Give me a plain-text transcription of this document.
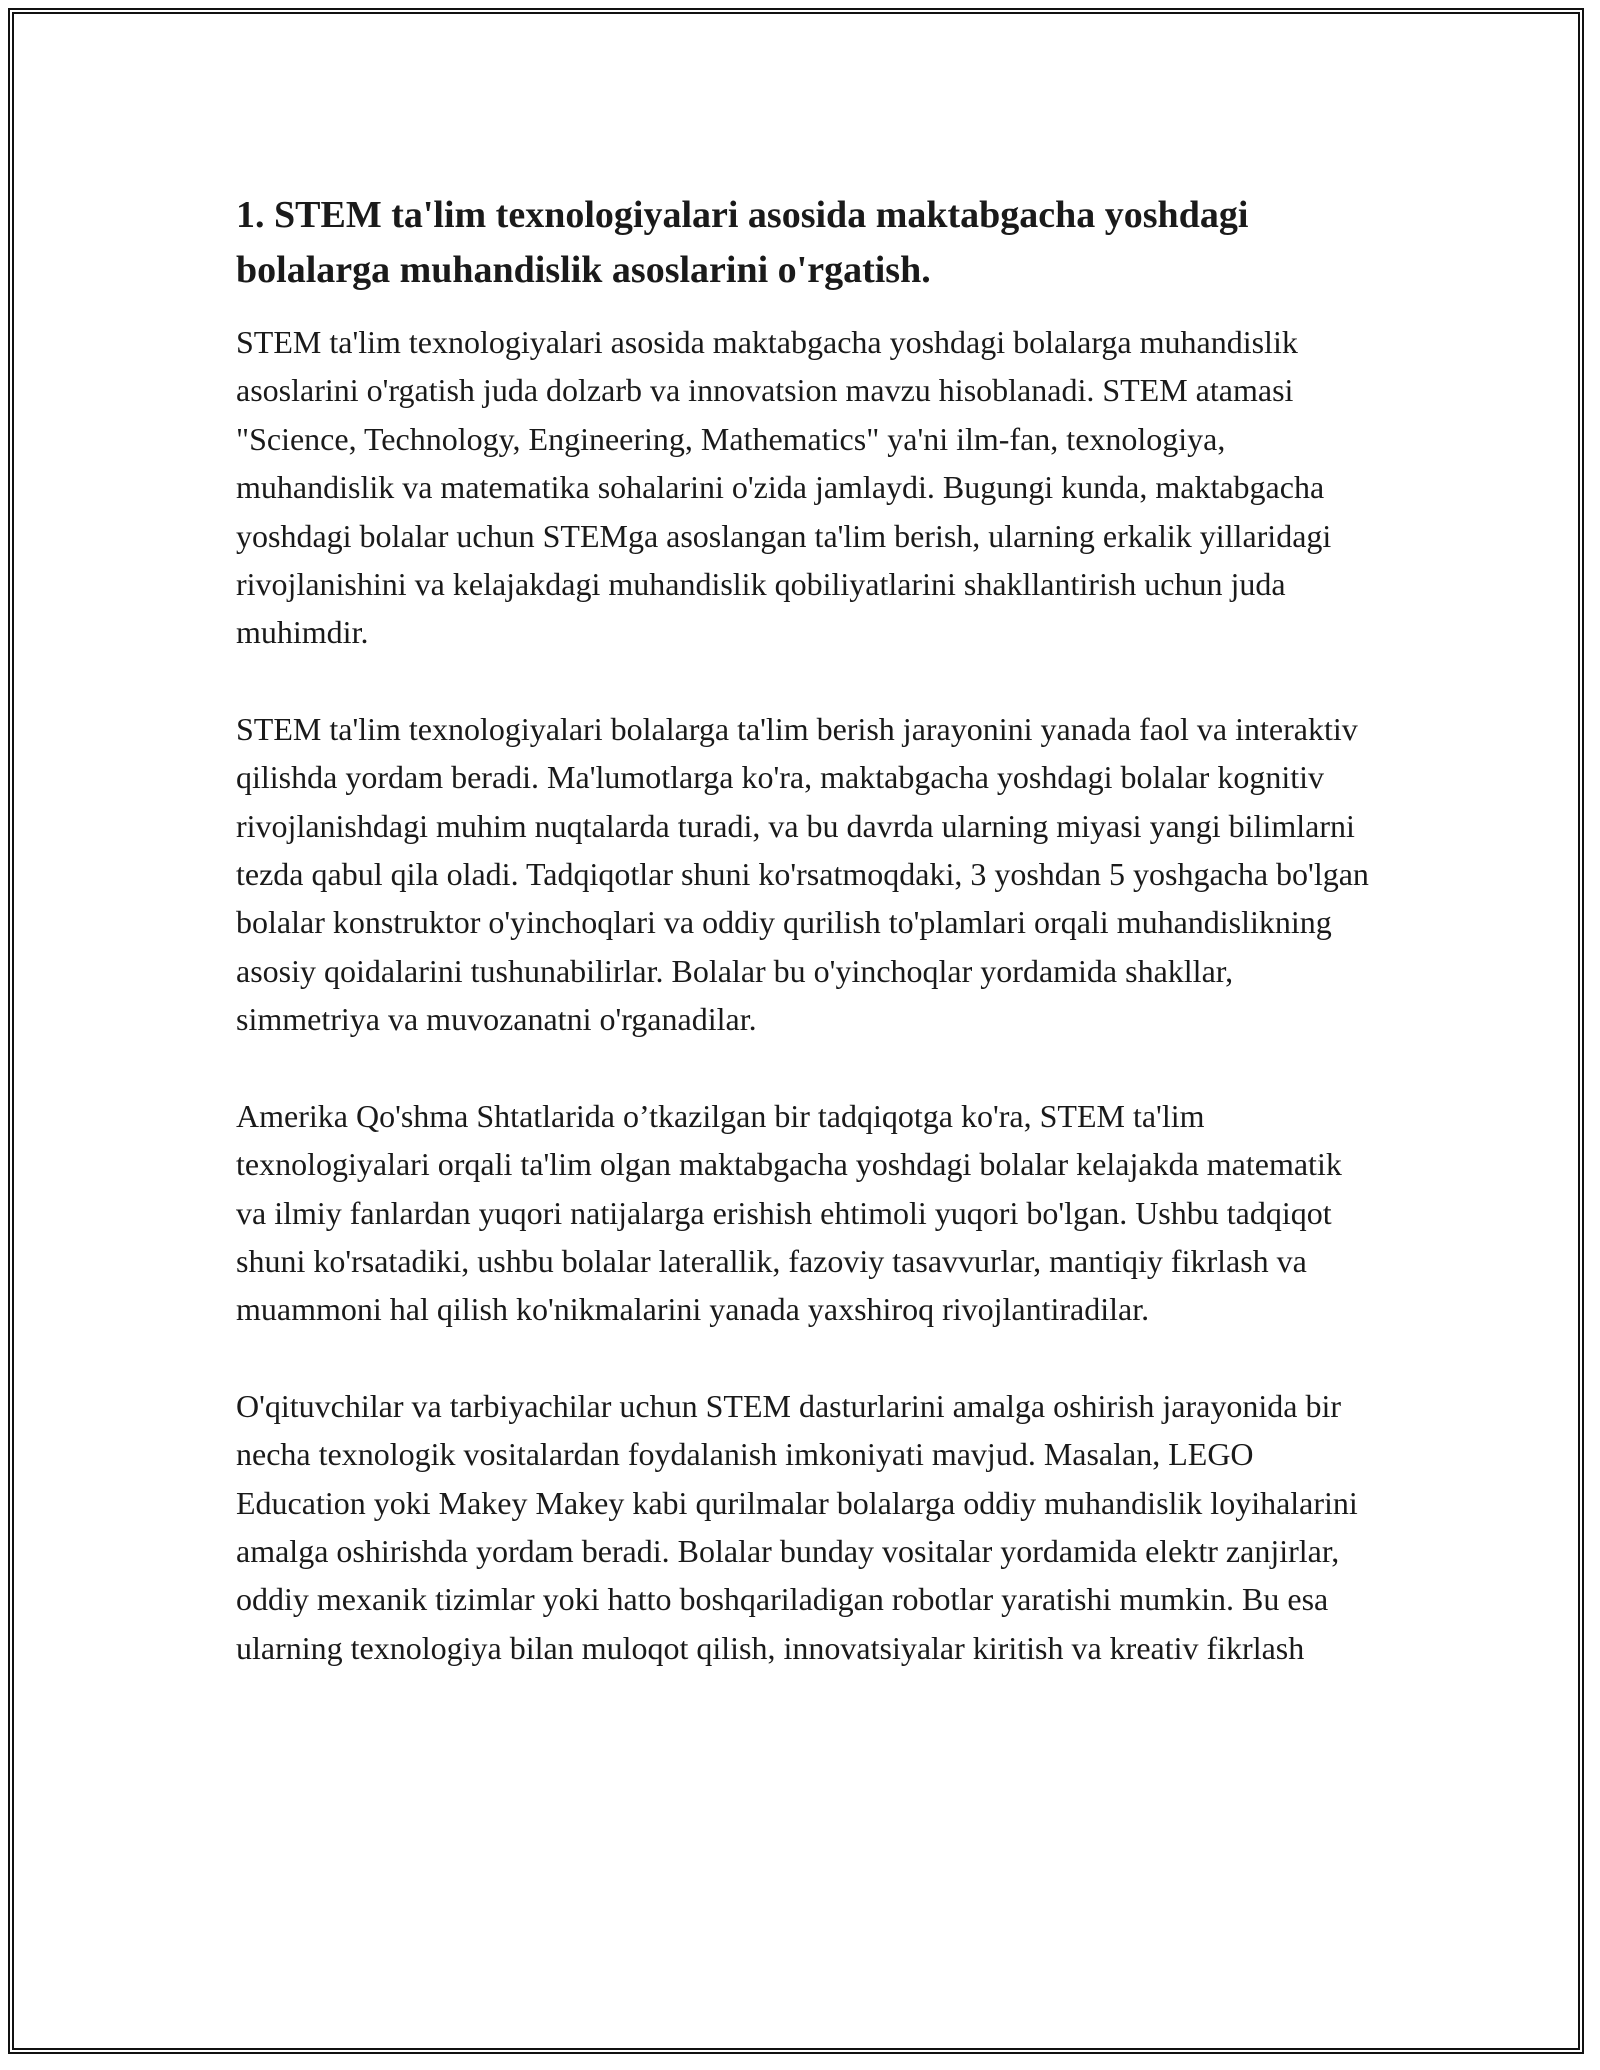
1. STEM ta'lim texnologiyalari asosida maktabgacha yoshdagi bolalarga muhandislik asoslarini o'rgatish.

STEM ta'lim texnologiyalari asosida maktabgacha yoshdagi bolalarga muhandislik asoslarini o'rgatish juda dolzarb va innovatsion mavzu hisoblanadi. STEM atamasi "Science, Technology, Engineering, Mathematics" ya'ni ilm-fan, texnologiya, muhandislik va matematika sohalarini o'zida jamlaydi. Bugungi kunda, maktabgacha yoshdagi bolalar uchun STEMga asoslangan ta'lim berish, ularning erkalik yillaridagi rivojlanishini va kelajakdagi muhandislik qobiliyatlarini shakllantirish uchun juda muhimdir.

STEM ta'lim texnologiyalari bolalarga ta'lim berish jarayonini yanada faol va interaktiv qilishda yordam beradi. Ma'lumotlarga ko'ra, maktabgacha yoshdagi bolalar kognitiv rivojlanishdagi muhim nuqtalarda turadi, va bu davrda ularning miyasi yangi bilimlarni tezda qabul qila oladi. Tadqiqotlar shuni ko'rsatmoqdaki, 3 yoshdan 5 yoshgacha bo'lgan bolalar konstruktor o'yinchoqlari va oddiy qurilish to'plamlari orqali muhandislikning asosiy qoidalarini tushunabilirlar. Bolalar bu o'yinchoqlar yordamida shakllar, simmetriya va muvozanatni o'rganadilar.

Amerika Qo'shma Shtatlarida o’tkazilgan bir tadqiqotga ko'ra, STEM ta'lim texnologiyalari orqali ta'lim olgan maktabgacha yoshdagi bolalar kelajakda matematik va ilmiy fanlardan yuqori natijalarga erishish ehtimoli yuqori bo'lgan. Ushbu tadqiqot shuni ko'rsatadiki, ushbu bolalar laterallik, fazoviy tasavvurlar, mantiqiy fikrlash va muammoni hal qilish ko'nikmalarini yanada yaxshiroq rivojlantiradilar.

O'qituvchilar va tarbiyachilar uchun STEM dasturlarini amalga oshirish jarayonida bir necha texnologik vositalardan foydalanish imkoniyati mavjud. Masalan, LEGO Education yoki Makey Makey kabi qurilmalar bolalarga oddiy muhandislik loyihalarini amalga oshirishda yordam beradi. Bolalar bunday vositalar yordamida elektr zanjirlar, oddiy mexanik tizimlar yoki hatto boshqariladigan robotlar yaratishi mumkin. Bu esa ularning texnologiya bilan muloqot qilish, innovatsiyalar kiritish va kreativ fikrlash
